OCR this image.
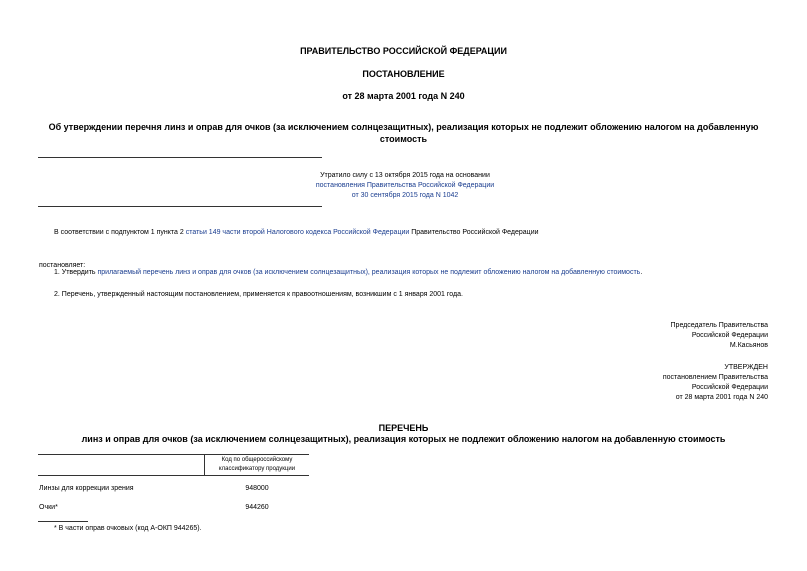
ПРАВИТЕЛЬСТВО РОССИЙСКОЙ ФЕДЕРАЦИИ
ПОСТАНОВЛЕНИЕ
от 28 марта 2001 года N 240
Об утверждении перечня линз и оправ для очков (за исключением солнцезащитных), реализация которых не подлежит обложению налогом на добавленную
стоимость
Утратило силу с 13 октября 2015 года на основании
постановления Правительства Российской Федерации
от 30 сентября 2015 года N 1042
В соответствии с подпунктом 1 пункта 2 статьи 149 части второй Налогового кодекса Российской Федерации Правительство Российской Федерации
постановляет:
1. Утвердить прилагаемый перечень линз и оправ для очков (за исключением солнцезащитных), реализация которых не подлежит обложению налогом на добавленную стоимость.
2. Перечень, утвержденный настоящим постановлением, применяется к правоотношениям, возникшим с 1 января 2001 года.
Председатель Правительства
Российской Федерации
М.Касьянов
УТВЕРЖДЕН
постановлением Правительства
Российской Федерации
от 28 марта 2001 года N 240
ПЕРЕЧЕНЬ
линз и оправ для очков (за исключением солнцезащитных), реализация которых не подлежит обложению налогом на добавленную стоимость
Код по общероссийскому
классификатору продукции
Линзы для коррекции зрения	948000
Очки*	944260
* В части оправ очковых (код А-ОКП 944265).
